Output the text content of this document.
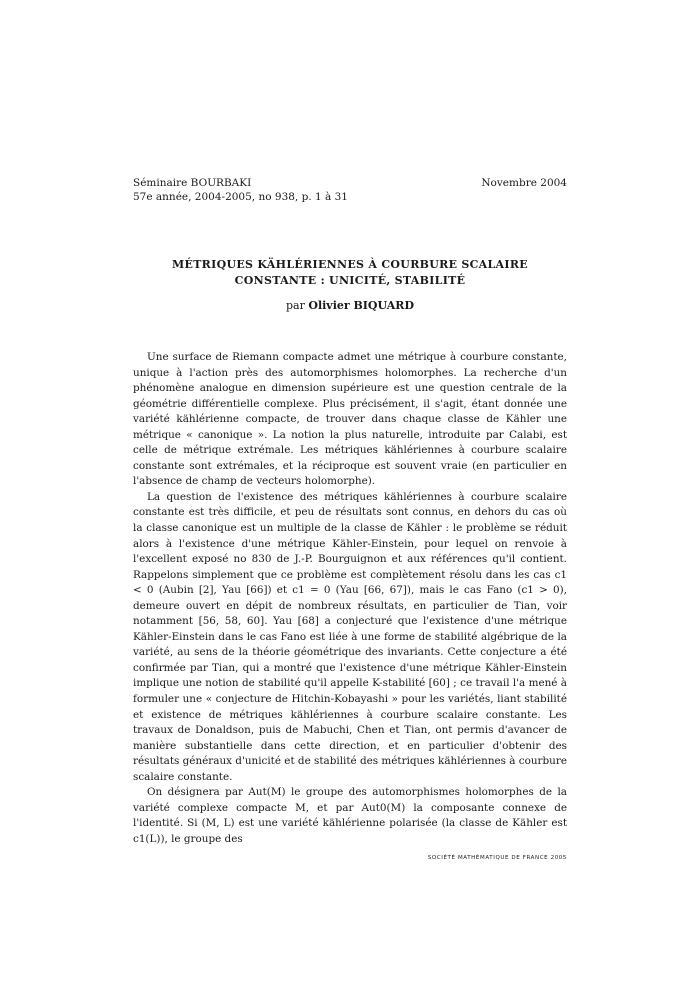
Séminaire BOURBAKI	Novembre 2004
57e année, 2004-2005, no 938, p. 1 à 31
MÉTRIQUES KÄHLÉRIENNES À COURBURE SCALAIRE
CONSTANTE : UNICITÉ, STABILITÉ
par Olivier BIQUARD

Une surface de Riemann compacte admet une métrique à courbure constante, unique à l'action près des automorphismes holomorphes. La recherche d'un phénomène analogue en dimension supérieure est une question centrale de la géométrie différentielle complexe. Plus précisément, il s'agit, étant donnée une variété kählérienne compacte, de trouver dans chaque classe de Kähler une métrique « canonique ». La notion la plus naturelle, introduite par Calabi, est celle de métrique extrémale. Les métriques kählériennes à courbure scalaire constante sont extrémales, et la réciproque est souvent vraie (en particulier en l'absence de champ de vecteurs holomorphe).

La question de l'existence des métriques kählériennes à courbure scalaire constante est très difficile, et peu de résultats sont connus, en dehors du cas où la classe canonique est un multiple de la classe de Kähler : le problème se réduit alors à l'existence d'une métrique Kähler-Einstein, pour lequel on renvoie à l'excellent exposé no 830 de J.-P. Bourguignon et aux références qu'il contient. Rappelons simplement que ce problème est complètement résolu dans les cas c1 < 0 (Aubin [2], Yau [66]) et c1 = 0 (Yau [66, 67]), mais le cas Fano (c1 > 0), demeure ouvert en dépit de nombreux résultats, en particulier de Tian, voir notamment [56, 58, 60]. Yau [68] a conjecturé que l'existence d'une métrique Kähler-Einstein dans le cas Fano est liée à une forme de stabilité algébrique de la variété, au sens de la théorie géométrique des invariants. Cette conjecture a été confirmée par Tian, qui a montré que l'existence d'une métrique Kähler-Einstein implique une notion de stabilité qu'il appelle K-stabilité [60] ; ce travail l'a mené à formuler une « conjecture de Hitchin-Kobayashi » pour les variétés, liant stabilité et existence de métriques kählériennes à courbure scalaire constante. Les travaux de Donaldson, puis de Mabuchi, Chen et Tian, ont permis d'avancer de manière substantielle dans cette direction, et en particulier d'obtenir des résultats généraux d'unicité et de stabilité des métriques kählériennes à courbure scalaire constante.

On désignera par Aut(M) le groupe des automorphismes holomorphes de la variété complexe compacte M, et par Aut0(M) la composante connexe de l'identité. Si (M, L) est une variété kählérienne polarisée (la classe de Kähler est c1(L)), le groupe des

SOCIÉTÉ MATHÉMATIQUE DE FRANCE 2005
